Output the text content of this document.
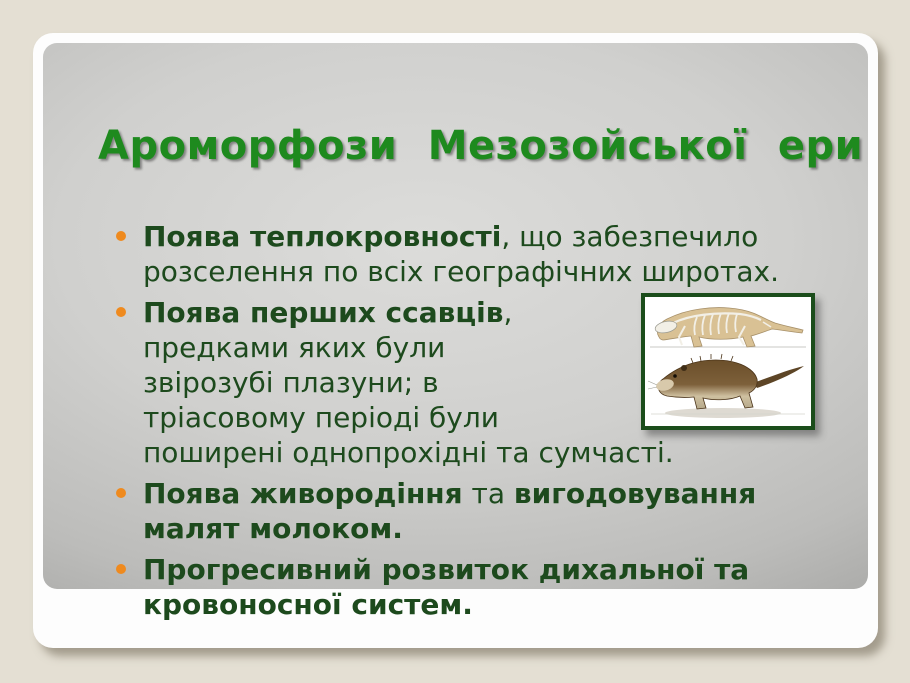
Ароморфози Мезозойської ери
Поява теплокровності, що забезпечило
розселення по всіх географічних широтах.
Поява перших ссавців,
предками яких були
звірозубі плазуни; в
тріасовому періоді були
поширені однопрохідні та сумчасті.
Поява живородіння та вигодовування
малят молоком.
Прогресивний розвиток дихальної та
кровоносної систем.
